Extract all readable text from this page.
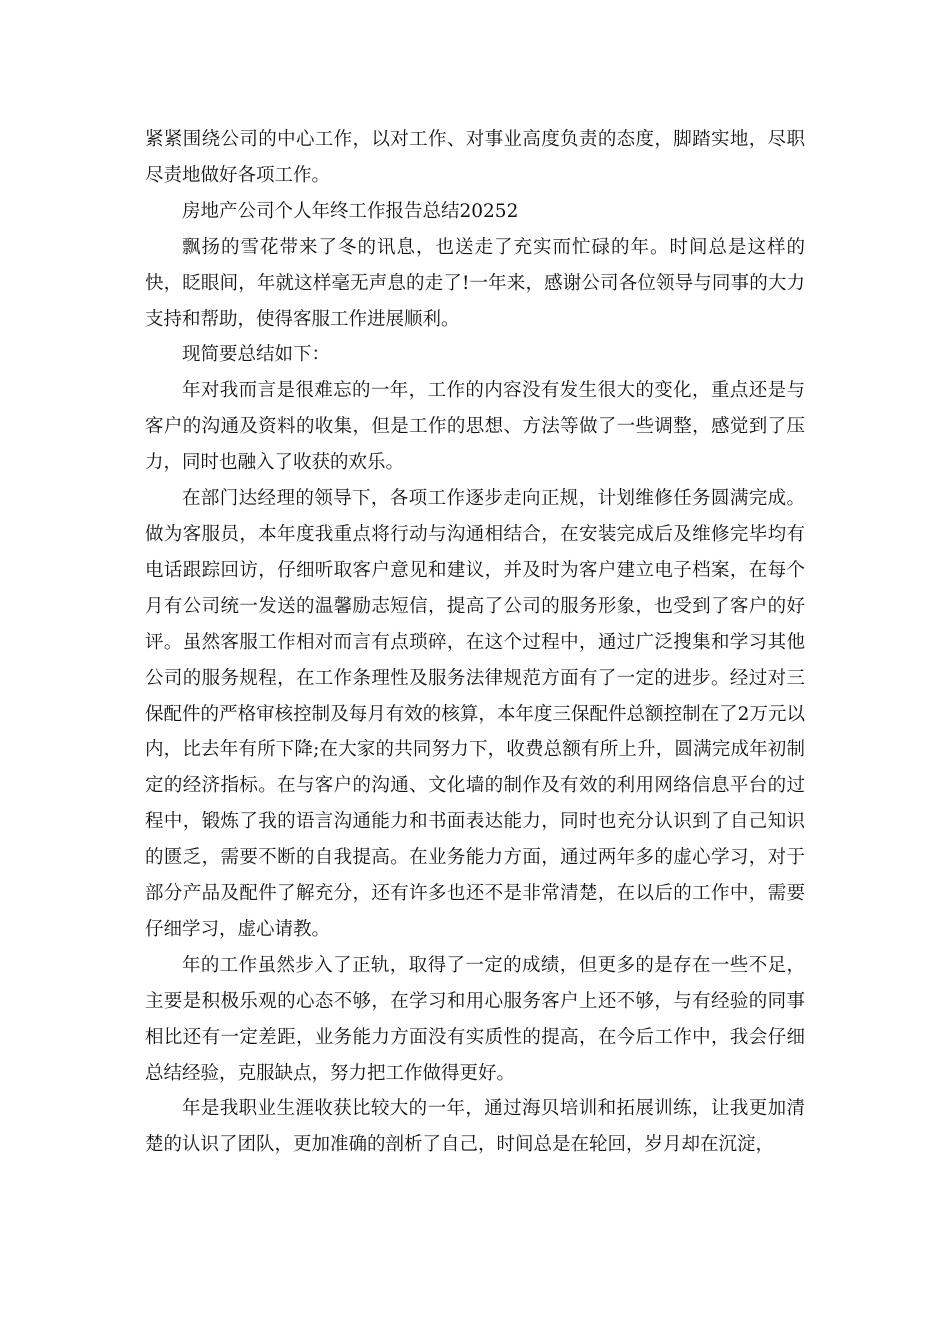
紧紧围绕公司的中心工作，以对工作、对事业高度负责的态度，脚踏实地，尽职尽责地做好各项工作。

房地产公司个人年终工作报告总结20252

飘扬的雪花带来了冬的讯息，也送走了充实而忙碌的年。时间总是这样的快，眨眼间，年就这样毫无声息的走了!一年来，感谢公司各位领导与同事的大力支持和帮助，使得客服工作进展顺利。

现简要总结如下：

年对我而言是很难忘的一年，工作的内容没有发生很大的变化，重点还是与客户的沟通及资料的收集，但是工作的思想、方法等做了一些调整，感觉到了压力，同时也融入了收获的欢乐。

在部门达经理的领导下，各项工作逐步走向正规，计划维修任务圆满完成。做为客服员，本年度我重点将行动与沟通相结合，在安装完成后及维修完毕均有电话跟踪回访，仔细听取客户意见和建议，并及时为客户建立电子档案，在每个月有公司统一发送的温馨励志短信，提高了公司的服务形象，也受到了客户的好评。虽然客服工作相对而言有点琐碎，在这个过程中，通过广泛搜集和学习其他公司的服务规程，在工作条理性及服务法律规范方面有了一定的进步。经过对三保配件的严格审核控制及每月有效的核算，本年度三保配件总额控制在了2万元以内，比去年有所下降;在大家的共同努力下，收费总额有所上升，圆满完成年初制定的经济指标。在与客户的沟通、文化墙的制作及有效的利用网络信息平台的过程中，锻炼了我的语言沟通能力和书面表达能力，同时也充分认识到了自己知识的匮乏，需要不断的自我提高。在业务能力方面，通过两年多的虚心学习，对于部分产品及配件了解充分，还有许多也还不是非常清楚，在以后的工作中，需要仔细学习，虚心请教。

年的工作虽然步入了正轨，取得了一定的成绩，但更多的是存在一些不足，主要是积极乐观的心态不够，在学习和用心服务客户上还不够，与有经验的同事相比还有一定差距，业务能力方面没有实质性的提高，在今后工作中，我会仔细总结经验，克服缺点，努力把工作做得更好。

年是我职业生涯收获比较大的一年，通过海贝培训和拓展训练，让我更加清楚的认识了团队，更加准确的剖析了自己，时间总是在轮回，岁月却在沉淀，
